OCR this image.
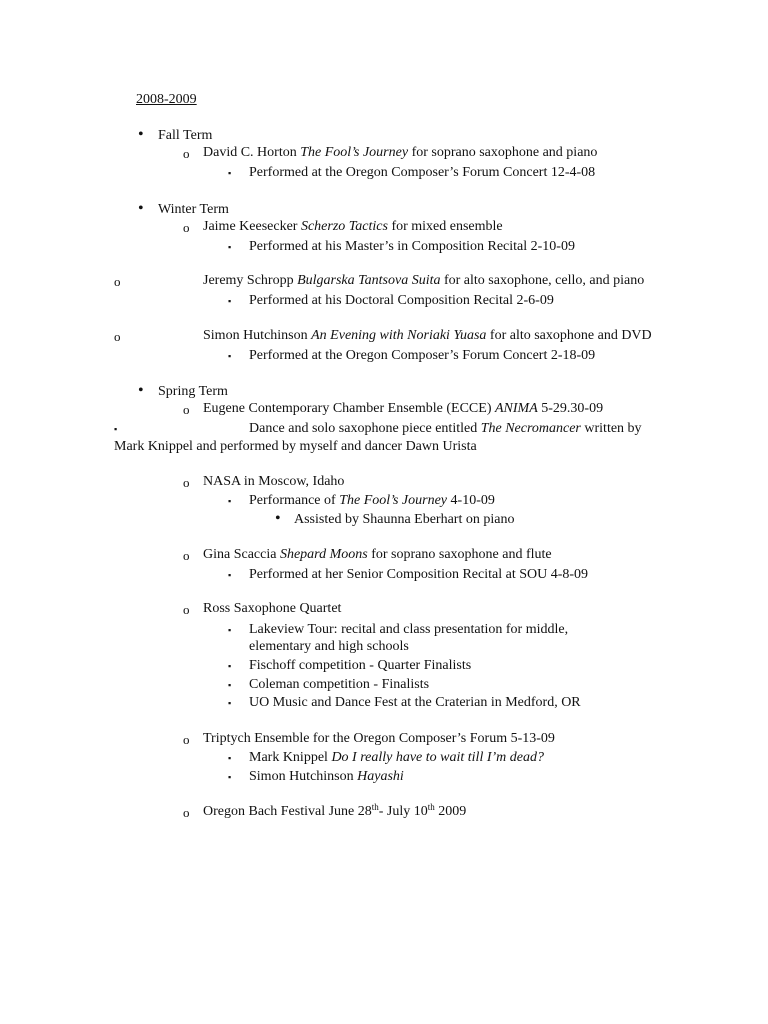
2008-2009
• Fall Term
o David C. Horton The Fool’s Journey for soprano saxophone and piano
▪ Performed at the Oregon Composer’s Forum Concert 12-4-08
• Winter Term
o Jaime Keesecker Scherzo Tactics for mixed ensemble
▪ Performed at his Master’s in Composition Recital 2-10-09
o	Jeremy Schropp Bulgarska Tantsova Suita for alto saxophone, cello, and piano
▪ Performed at his Doctoral Composition Recital 2-6-09
o	Simon Hutchinson An Evening with Noriaki Yuasa for alto saxophone and DVD
▪ Performed at the Oregon Composer’s Forum Concert 2-18-09
• Spring Term
o Eugene Contemporary Chamber Ensemble (ECCE) ANIMA 5-29.30-09
▪	Dance and solo saxophone piece entitled The Necromancer written by
Mark Knippel and performed by myself and dancer Dawn Urista
o NASA in Moscow, Idaho
▪ Performance of The Fool’s Journey 4-10-09
• Assisted by Shaunna Eberhart on piano
o Gina Scaccia Shepard Moons for soprano saxophone and flute
▪ Performed at her Senior Composition Recital at SOU 4-8-09
o Ross Saxophone Quartet
▪ Lakeview Tour: recital and class presentation for middle,
elementary and high schools
▪ Fischoff competition - Quarter Finalists
▪ Coleman competition - Finalists
▪ UO Music and Dance Fest at the Craterian in Medford, OR
o Triptych Ensemble for the Oregon Composer’s Forum 5-13-09
▪ Mark Knippel Do I really have to wait till I’m dead?
▪ Simon Hutchinson Hayashi
o Oregon Bach Festival June 28th- July 10th 2009
